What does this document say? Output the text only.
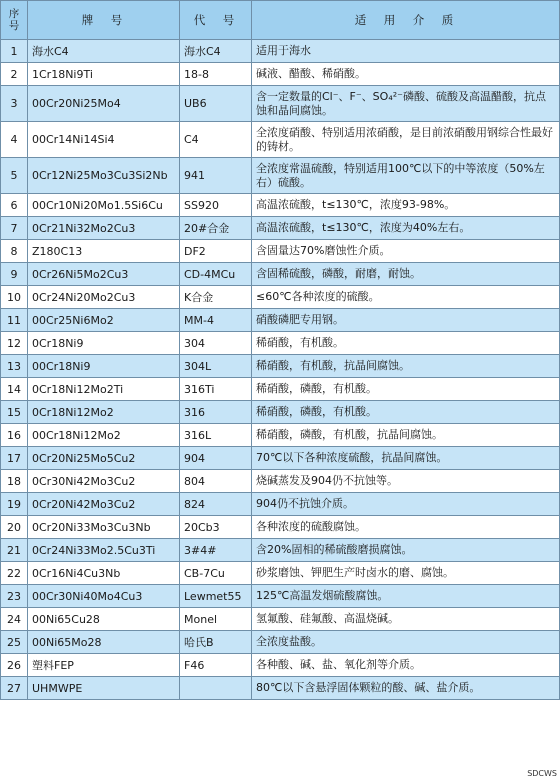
序
号	牌　号	代　号	适　用　介　质
1	海水C4	海水C4	适用于海水
2	1Cr18Ni9Ti	18-8	碱液、醋酸、稀硝酸。
3	00Cr20Ni25Mo4	UB6	含一定数量的Cl⁻、F⁻、SO₄²⁻磷酸、硫酸及高温醋酸，抗点蚀和晶间腐蚀。
4	00Cr14Ni14Si4	C4	全浓度硝酸、特别适用浓硝酸，是目前浓硝酸用钢综合性最好的铸材。
5	0Cr12Ni25Mo3Cu3Si2Nb	941	全浓度常温硫酸，特别适用100℃以下的中等浓度（50%左右）硫酸。
6	00Cr10Ni20Mo1.5Si6Cu	SS920	高温浓硫酸，t≤130℃，浓度93-98%。
7	0Cr21Ni32Mo2Cu3	20#合金	高温浓硫酸，t≤130℃，浓度为40%左右。
8	Z180C13	DF2	含固量达70%磨蚀性介质。
9	0Cr26Ni5Mo2Cu3	CD-4MCu	含固稀硫酸，磷酸，耐磨，耐蚀。
10	0Cr24Ni20Mo2Cu3	K合金	≤60℃各种浓度的硫酸。
11	00Cr25Ni6Mo2	MM-4	硝酸磷肥专用钢。
12	0Cr18Ni9	304	稀硝酸，有机酸。
13	00Cr18Ni9	304L	稀硝酸，有机酸，抗晶间腐蚀。
14	0Cr18Ni12Mo2Ti	316Ti	稀硝酸，磷酸，有机酸。
15	0Cr18Ni12Mo2	316	稀硝酸，磷酸，有机酸。
16	00Cr18Ni12Mo2	316L	稀硝酸，磷酸，有机酸，抗晶间腐蚀。
17	0Cr20Ni25Mo5Cu2	904	70℃以下各种浓度硫酸，抗晶间腐蚀。
18	0Cr30Ni42Mo3Cu2	804	烧碱蒸发及904仍不抗蚀等。
19	0Cr20Ni42Mo3Cu2	824	904仍不抗蚀介质。
20	0Cr20Ni33Mo3Cu3Nb	20Cb3	各种浓度的硫酸腐蚀。
21	0Cr24Ni33Mo2.5Cu3Ti	3#4#	含20%固相的稀硫酸磨损腐蚀。
22	0Cr16Ni4Cu3Nb	CB-7Cu	砂浆磨蚀、钾肥生产时卤水的磨、腐蚀。
23	00Cr30Ni40Mo4Cu3	Lewmet55	125℃高温发烟硫酸腐蚀。
24	00Ni65Cu28	Monel	氢氟酸、硅氟酸、高温烧碱。
25	00Ni65Mo28	哈氏B	全浓度盐酸。
26	塑料FEP	F46	各种酸、碱、盐、氧化剂等介质。
27	UHMWPE		80℃以下含悬浮固体颗粒的酸、碱、盐介质。
SDCWS
